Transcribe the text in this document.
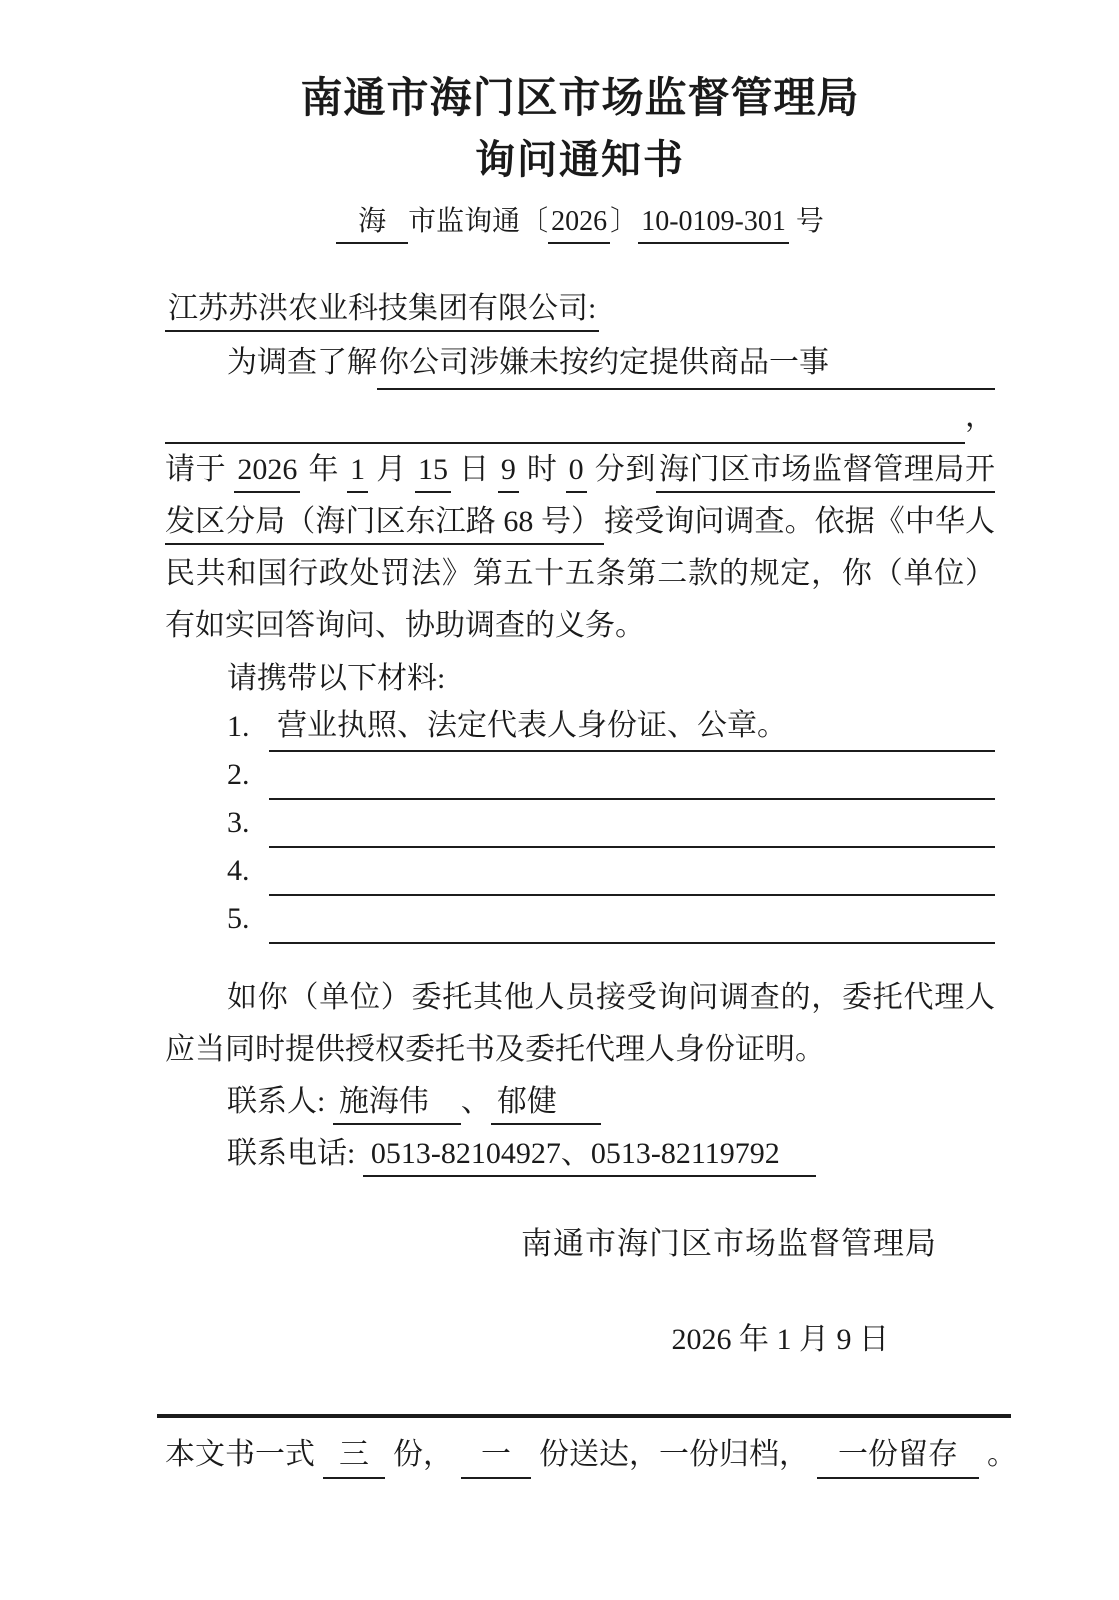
南通市海门区市场监督管理局
询问通知书
海 市监询通〔 2026 〕 10-0109-301 号
江苏苏洪农业科技集团有限公司:
为调查了解 你公司涉嫌未按约定提供商品一事
，

请于 2026 年 1 月 15 日 9 时 0 分到 海门区市场监督管理局开发区分局（海门区东江路 68 号） 接受询问调查。依据《中华人民共和国行政处罚法》第五十五条第二款的规定，你（单位）有如实回答询问、协助调查的义务。

请携带以下材料:
1. 营业执照、法定代表人身份证、公章。
2.
3.
4.
5.

如你（单位）委托其他人员接受询问调查的，委托代理人应当同时提供授权委托书及委托代理人身份证明。

联系人: 施海伟 、 郁健
联系电话: 0513-82104927、0513-82119792
南通市海门区市场监督管理局
2026 年 1 月 9 日
本文书一式 三 份， 一 份送达，一份归档， 一份留存 。
